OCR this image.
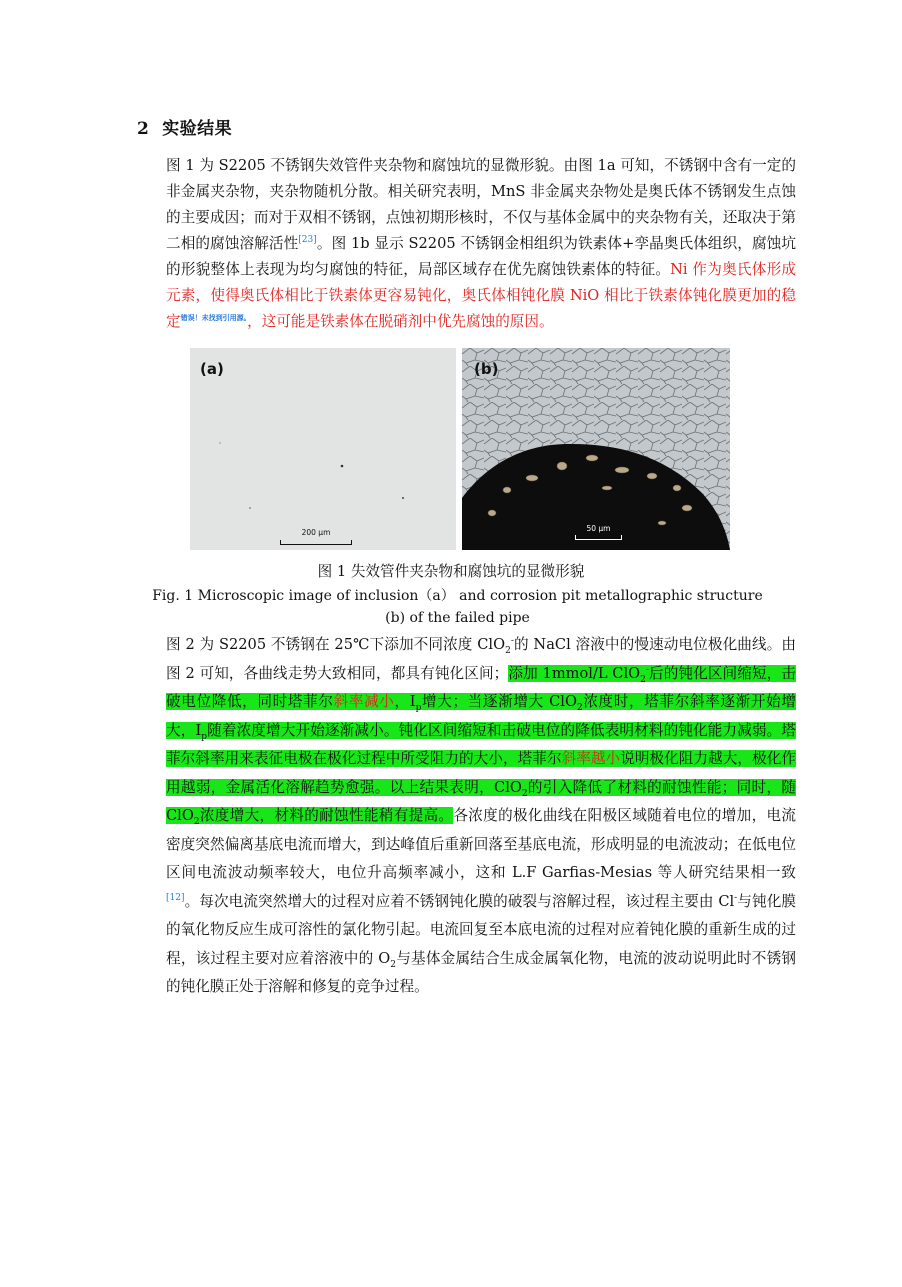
2 实验结果
图 1 为 S2205 不锈钢失效管件夹杂物和腐蚀坑的显微形貌。由图 1a 可知，不锈钢中含有一定的非金属夹杂物，夹杂物随机分散。相关研究表明，MnS 非金属夹杂物处是奥氏体不锈钢发生点蚀的主要成因；而对于双相不锈钢，点蚀初期形核时，不仅与基体金属中的夹杂物有关，还取决于第二相的腐蚀溶解活性[23]。图 1b 显示 S2205 不锈钢金相组织为铁素体+孪晶奥氏体组织，腐蚀坑的形貌整体上表现为均匀腐蚀的特征，局部区域存在优先腐蚀铁素体的特征。Ni 作为奥氏体形成元素，使得奥氏体相比于铁素体更容易钝化，奥氏体相钝化膜 NiO 相比于铁素体钝化膜更加的稳定$^{错误!未找到引用源。}$，这可能是铁素体在脱硝剂中优先腐蚀的原因。
(a)
200 μm
(b)
50 μm
图 1 失效管件夹杂物和腐蚀坑的显微形貌
Fig. 1 Microscopic image of inclusion（a） and corrosion pit metallographic structure (b) of the failed pipe
图 2 为 S2205 不锈钢在 25℃下添加不同浓度 ClO$_2$-的 NaCl 溶液中的慢速动电位极化曲线。由图 2 可知，各曲线走势大致相同，都具有钝化区间；添加 1mmol/L ClO$_2$-后的钝化区间缩短，击破电位降低，同时塔菲尔斜率减小，$I_p$增大；当逐渐增大 ClO$_2$浓度时，塔菲尔斜率逐渐开始增大，$I_p$随着浓度增大开始逐渐减小。钝化区间缩短和击破电位的降低表明材料的钝化能力减弱。塔菲尔斜率用来表征电极在极化过程中所受阻力的大小，塔菲尔斜率越小说明极化阻力越大，极化作用越弱，金属活化溶解趋势愈强。以上结果表明，ClO$_2$的引入降低了材料的耐蚀性能；同时，随 ClO$_2$浓度增大，材料的耐蚀性能稍有提高。各浓度的极化曲线在阳极区域随着电位的增加，电流密度突然偏离基底电流而增大，到达峰值后重新回落至基底电流，形成明显的电流波动；在低电位区间电流波动频率较大，电位升高频率减小，这和 L.F Garfias-Mesias 等人研究结果相一致[12]。每次电流突然增大的过程对应着不锈钢钝化膜的破裂与溶解过程，该过程主要由 Cl-与钝化膜的氧化物反应生成可溶性的氯化物引起。电流回复至本底电流的过程对应着钝化膜的重新生成的过程，该过程主要对应着溶液中的 $O_2$与基体金属结合生成金属氧化物，电流的波动说明此时不锈钢的钝化膜正处于溶解和修复的竞争过程。
